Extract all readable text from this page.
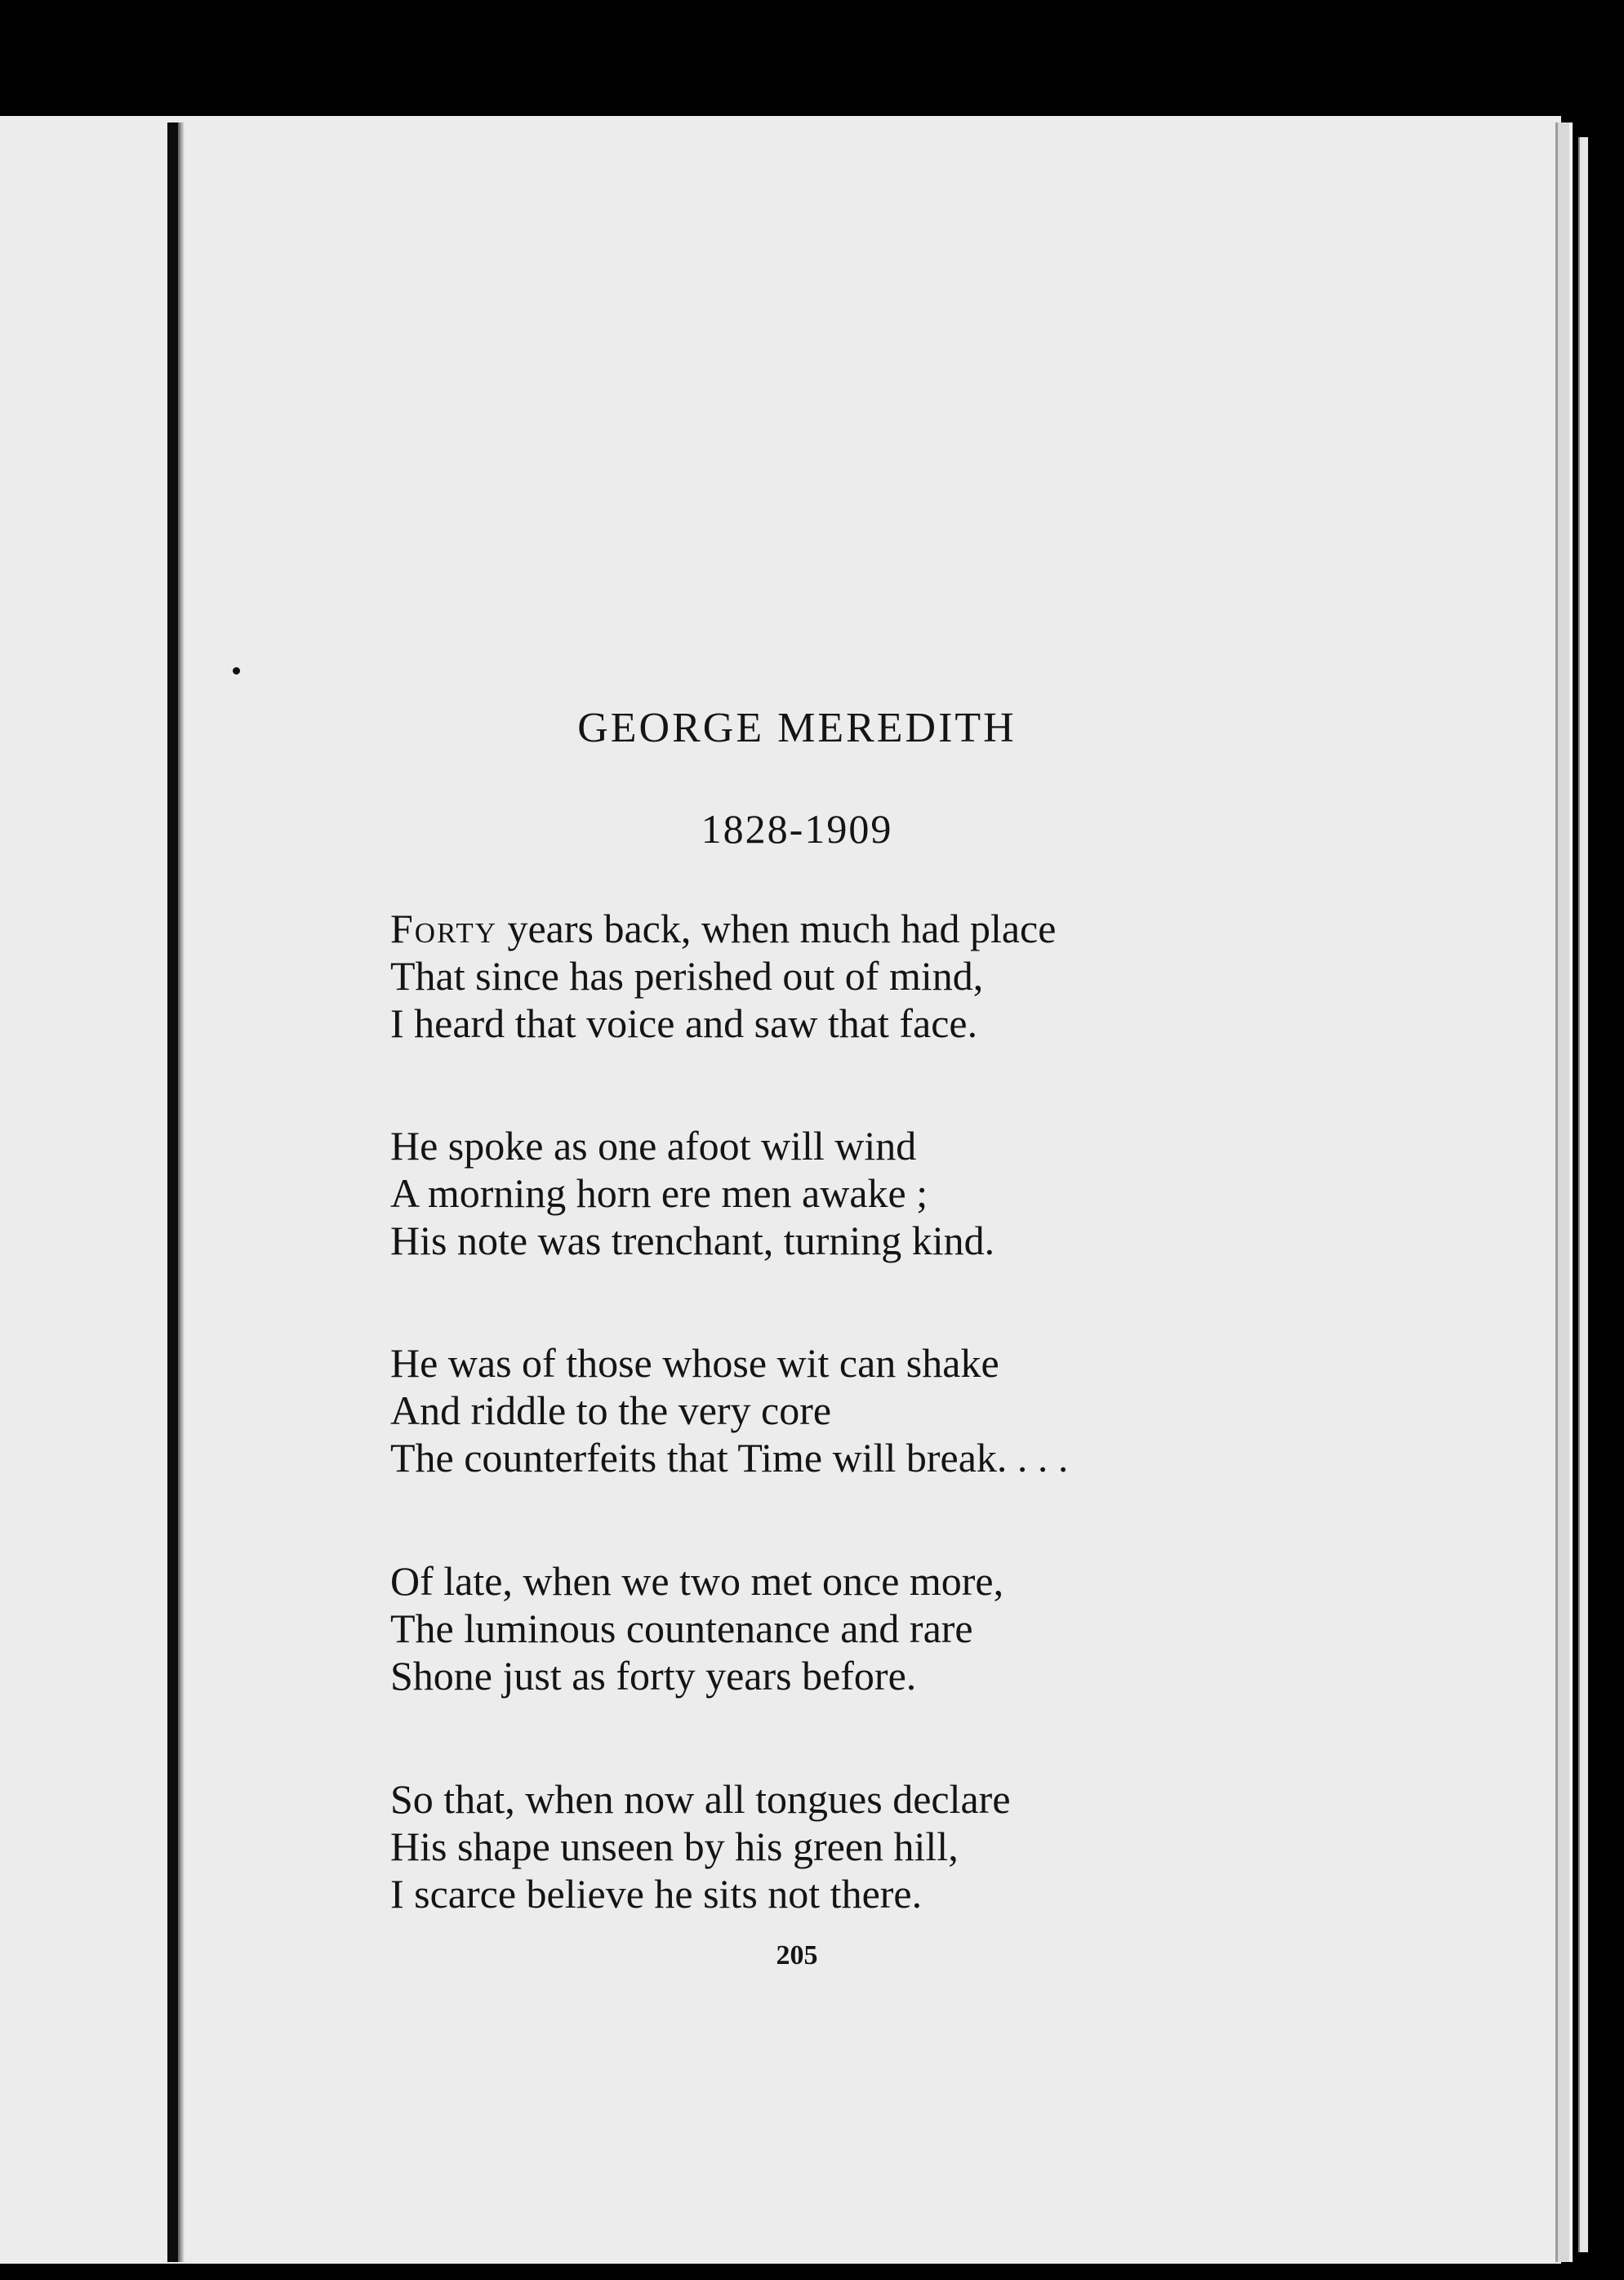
GEORGE MEREDITH
1828-1909
Forty years back, when much had place
That since has perished out of mind,
I heard that voice and saw that face.
He spoke as one afoot will wind
A morning horn ere men awake ;
His note was trenchant, turning kind.
He was of those whose wit can shake
And riddle to the very core
The counterfeits that Time will break. . . .
Of late, when we two met once more,
The luminous countenance and rare
Shone just as forty years before.
So that, when now all tongues declare
His shape unseen by his green hill,
I scarce believe he sits not there.
205
